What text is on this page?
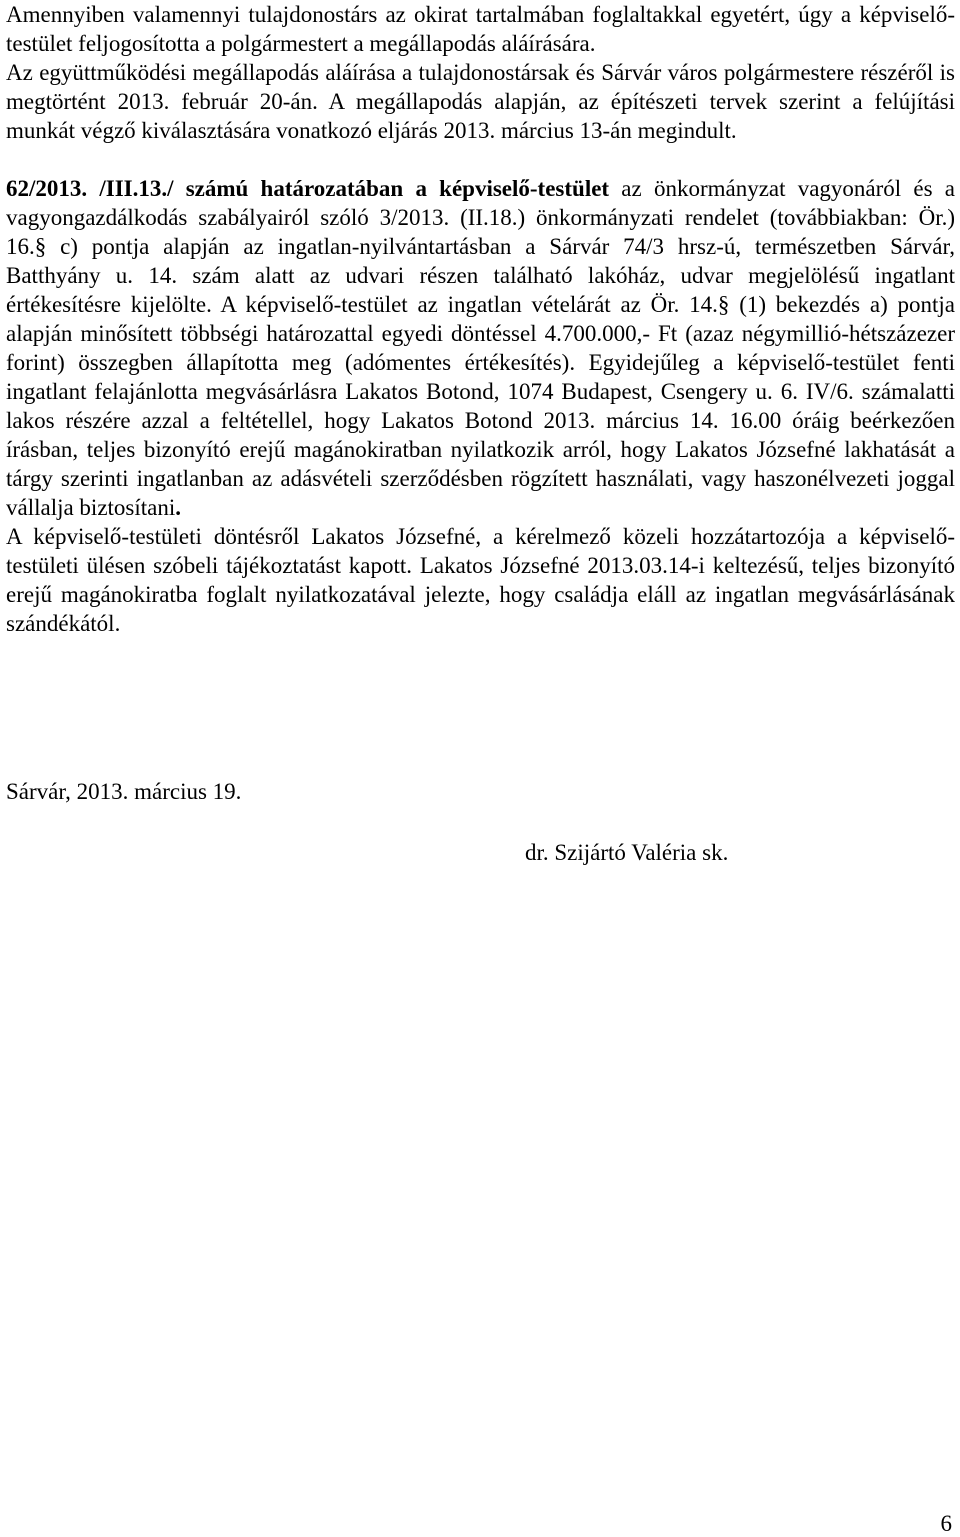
Amennyiben valamennyi tulajdonostárs az okirat tartalmában foglaltakkal egyetért, úgy a képviselő-testület feljogosította a polgármestert a megállapodás aláírására.

Az együttműködési megállapodás aláírása a tulajdonostársak és Sárvár város polgármestere részéről is megtörtént 2013. február 20-án. A megállapodás alapján, az építészeti tervek szerint a felújítási munkát végző kiválasztására vonatkozó eljárás 2013. március 13-án megindult.

62/2013. /III.13./ számú határozatában a képviselő-testület az önkormányzat vagyonáról és a vagyongazdálkodás szabályairól szóló 3/2013. (II.18.) önkormányzati rendelet (továbbiakban: Ör.) 16.§ c) pontja alapján az ingatlan-nyilvántartásban a Sárvár 74/3 hrsz-ú, természetben Sárvár, Batthyány u. 14. szám alatt az udvari részen található lakóház, udvar megjelölésű ingatlant értékesítésre kijelölte. A képviselő-testület az ingatlan vételárát az Ör. 14.§ (1) bekezdés a) pontja alapján minősített többségi határozattal egyedi döntéssel 4.700.000,- Ft (azaz négymillió-hétszázezer forint) összegben állapította meg (adómentes értékesítés). Egyidejűleg a képviselő-testület fenti ingatlant felajánlotta megvásárlásra Lakatos Botond, 1074 Budapest, Csengery u. 6. IV/6. számalatti lakos részére azzal a feltétellel, hogy Lakatos Botond 2013. március 14. 16.00 óráig beérkezően írásban, teljes bizonyító erejű magánokiratban nyilatkozik arról, hogy Lakatos Józsefné lakhatását a tárgy szerinti ingatlanban az adásvételi szerződésben rögzített használati, vagy haszonélvezeti joggal vállalja biztosítani.

A képviselő-testületi döntésről Lakatos Józsefné, a kérelmező közeli hozzátartozója a képviselő-testületi ülésen szóbeli tájékoztatást kapott. Lakatos Józsefné 2013.03.14-i keltezésű, teljes bizonyító erejű magánokiratba foglalt nyilatkozatával jelezte, hogy családja eláll az ingatlan megvásárlásának szándékától.

Sárvár, 2013. március 19.
dr. Szijártó Valéria sk.
6
